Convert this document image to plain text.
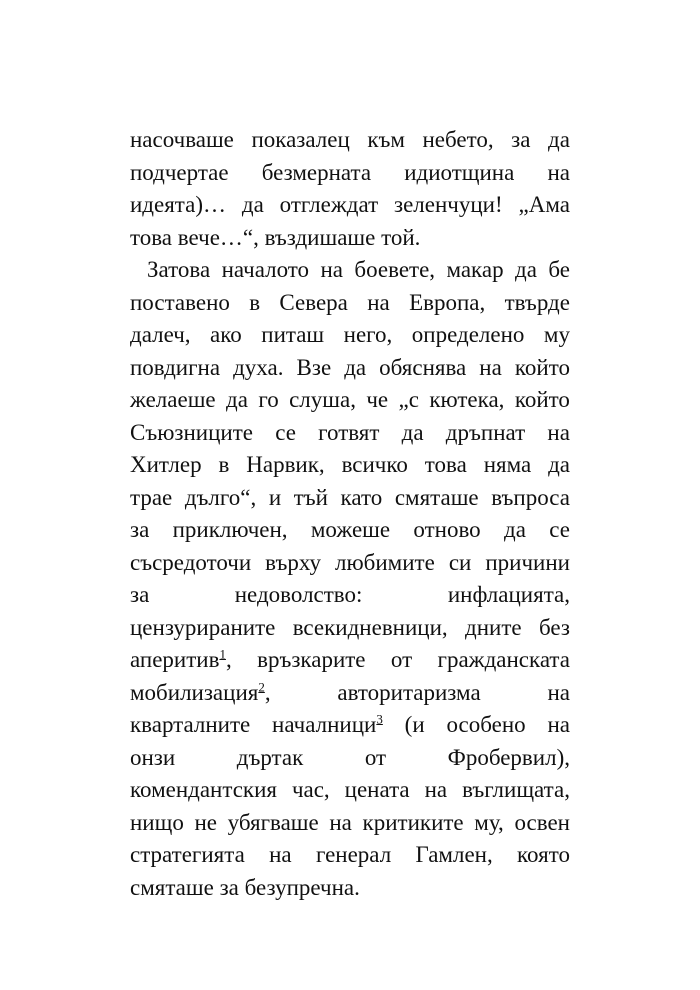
насочваше показалец към небето, за да
подчертае безмерната идиотщина на
идеята)… да отглеждат зеленчуци! „Ама
това вече…“, въздишаше той.
Затова началото на боевете, макар да бе
поставено в Севера на Европа, твърде
далеч, ако питаш него, определено му
повдигна духа. Взе да обяснява на който
желаеше да го слуша, че „с кютека, който
Съюзниците се готвят да дръпнат на
Хитлер в Нарвик, всичко това няма да
трае дълго“, и тъй като смяташе въпроса
за приключен, можеше отново да се
съсредоточи върху любимите си причини
за	недоволство:	инфлацията,
цензурираните всекидневници, дните без
аперитив$^1$, връзкарите от гражданската
мобилизация$^2$,	авторитаризма	на
кварталните началници$^3$ (и особено на
онзи	дъртак	от	Фробервил),
комендантския час, цената на въглищата,
нищо не убягваше на критиките му, освен
стратегията на генерал Гамлен, която
смяташе за безупречна.
